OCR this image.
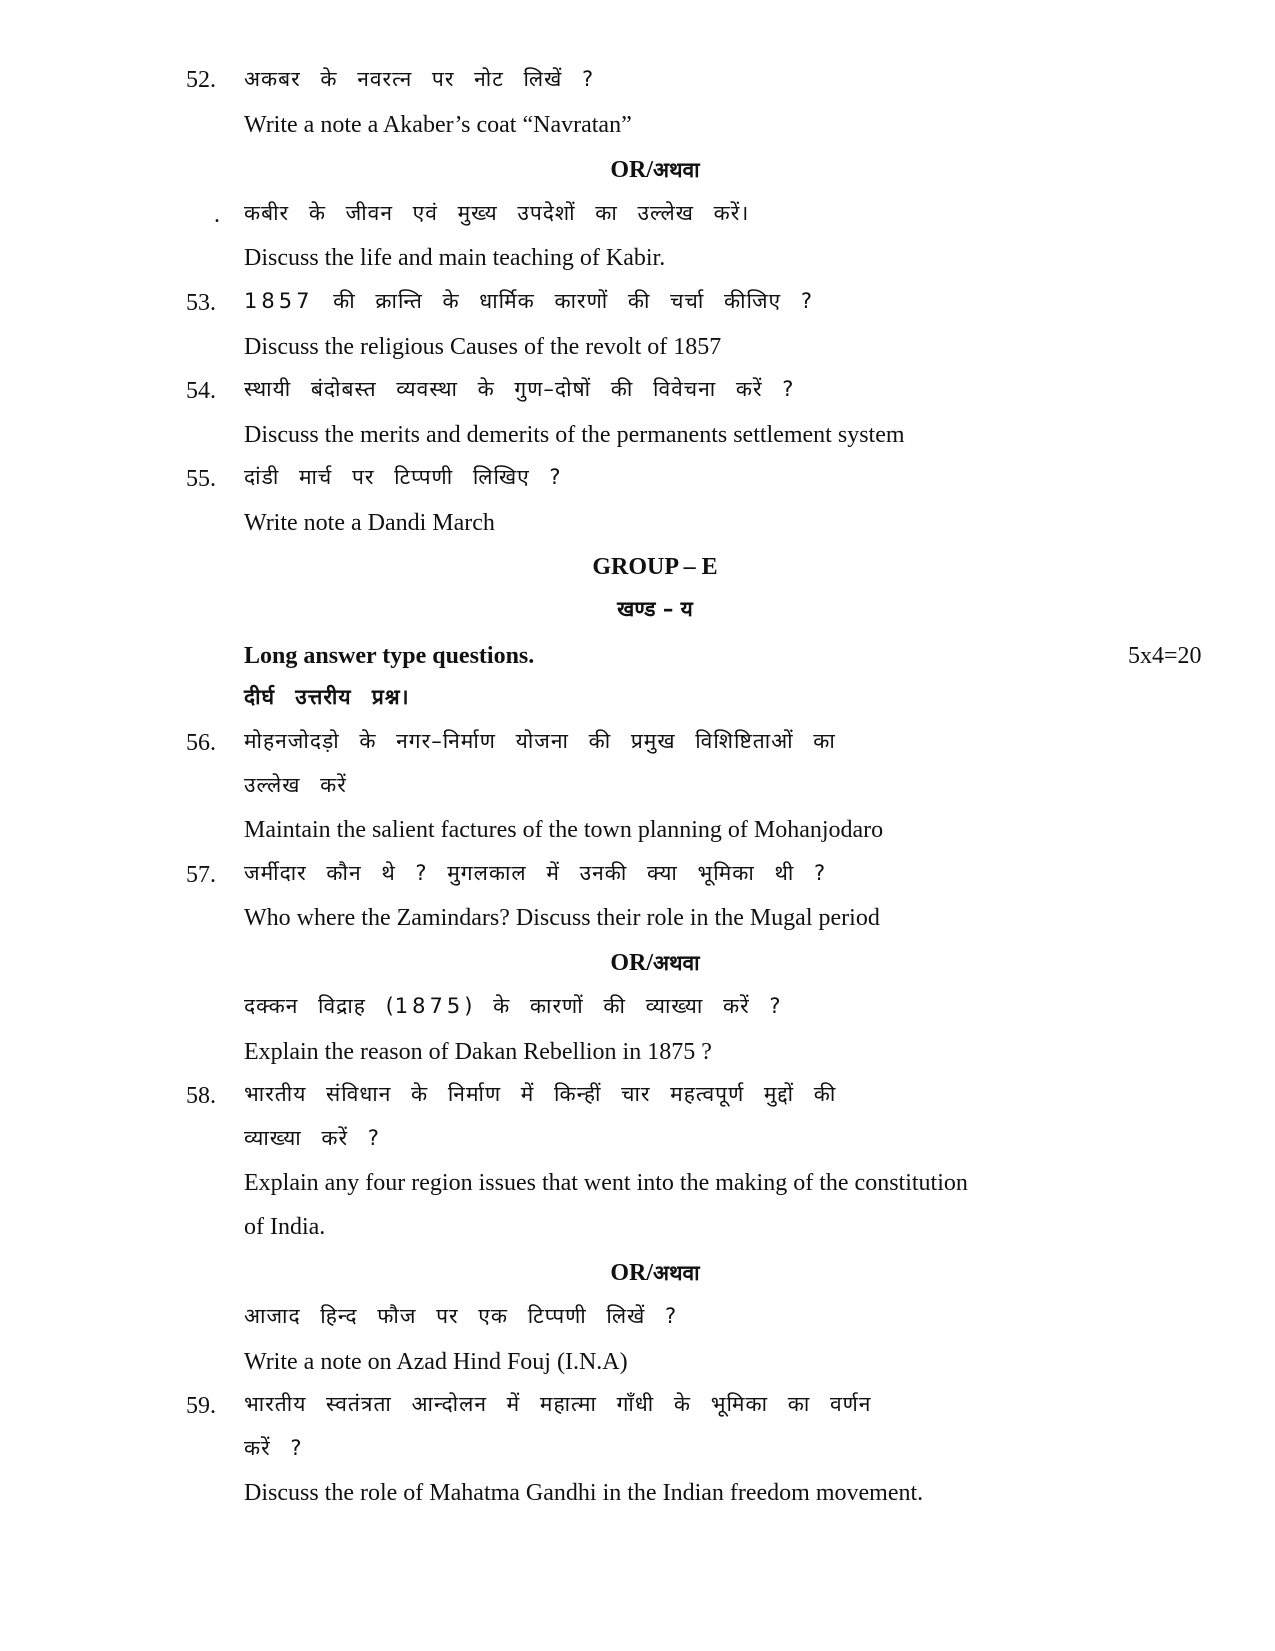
52. अकबर के नवरत्न पर नोट लिखें ?
Write a note a Akaber’s coat “Navratan”
OR/अथवा
. कबीर के जीवन एवं मुख्य उपदेशों का उल्लेख करें।
Discuss the life and main teaching of Kabir.
53. 1857 की क्रान्ति के धार्मिक कारणों की चर्चा कीजिए ?
Discuss the religious Causes of the revolt of 1857
54. स्थायी बंदोबस्त व्यवस्था के गुण–दोषों की विवेचना करें ?
Discuss the merits and demerits of the permanents settlement system
55. दांडी मार्च पर टिप्पणी लिखिए ?
Write note a Dandi March
GROUP – E
खण्ड – य
Long answer type questions.	5x4=20
दीर्घ उत्तरीय प्रश्न।
56. मोहनजोदड़ो के नगर–निर्माण योजना की प्रमुख विशिष्टिताओं का
उल्लेख करें
Maintain the salient factures of the town planning of Mohanjodaro
57. जर्मीदार कौन थे ? मुगलकाल में उनकी क्या भूमिका थी ?
Who where the Zamindars? Discuss their role in the Mugal period
OR/अथवा
दक्कन विद्राह (1875) के कारणों की व्याख्या करें ?
Explain the reason of Dakan Rebellion in 1875 ?
58. भारतीय संविधान के निर्माण में किन्हीं चार महत्वपूर्ण मुद्दों की
व्याख्या करें ?
Explain any four region issues that went into the making of the constitution
of India.
OR/अथवा
आजाद हिन्द फौज पर एक टिप्पणी लिखें ?
Write a note on Azad Hind Fouj (I.N.A)
59. भारतीय स्वतंत्रता आन्दोलन में महात्मा गाँधी के भूमिका का वर्णन
करें ?
Discuss the role of Mahatma Gandhi in the Indian freedom movement.
